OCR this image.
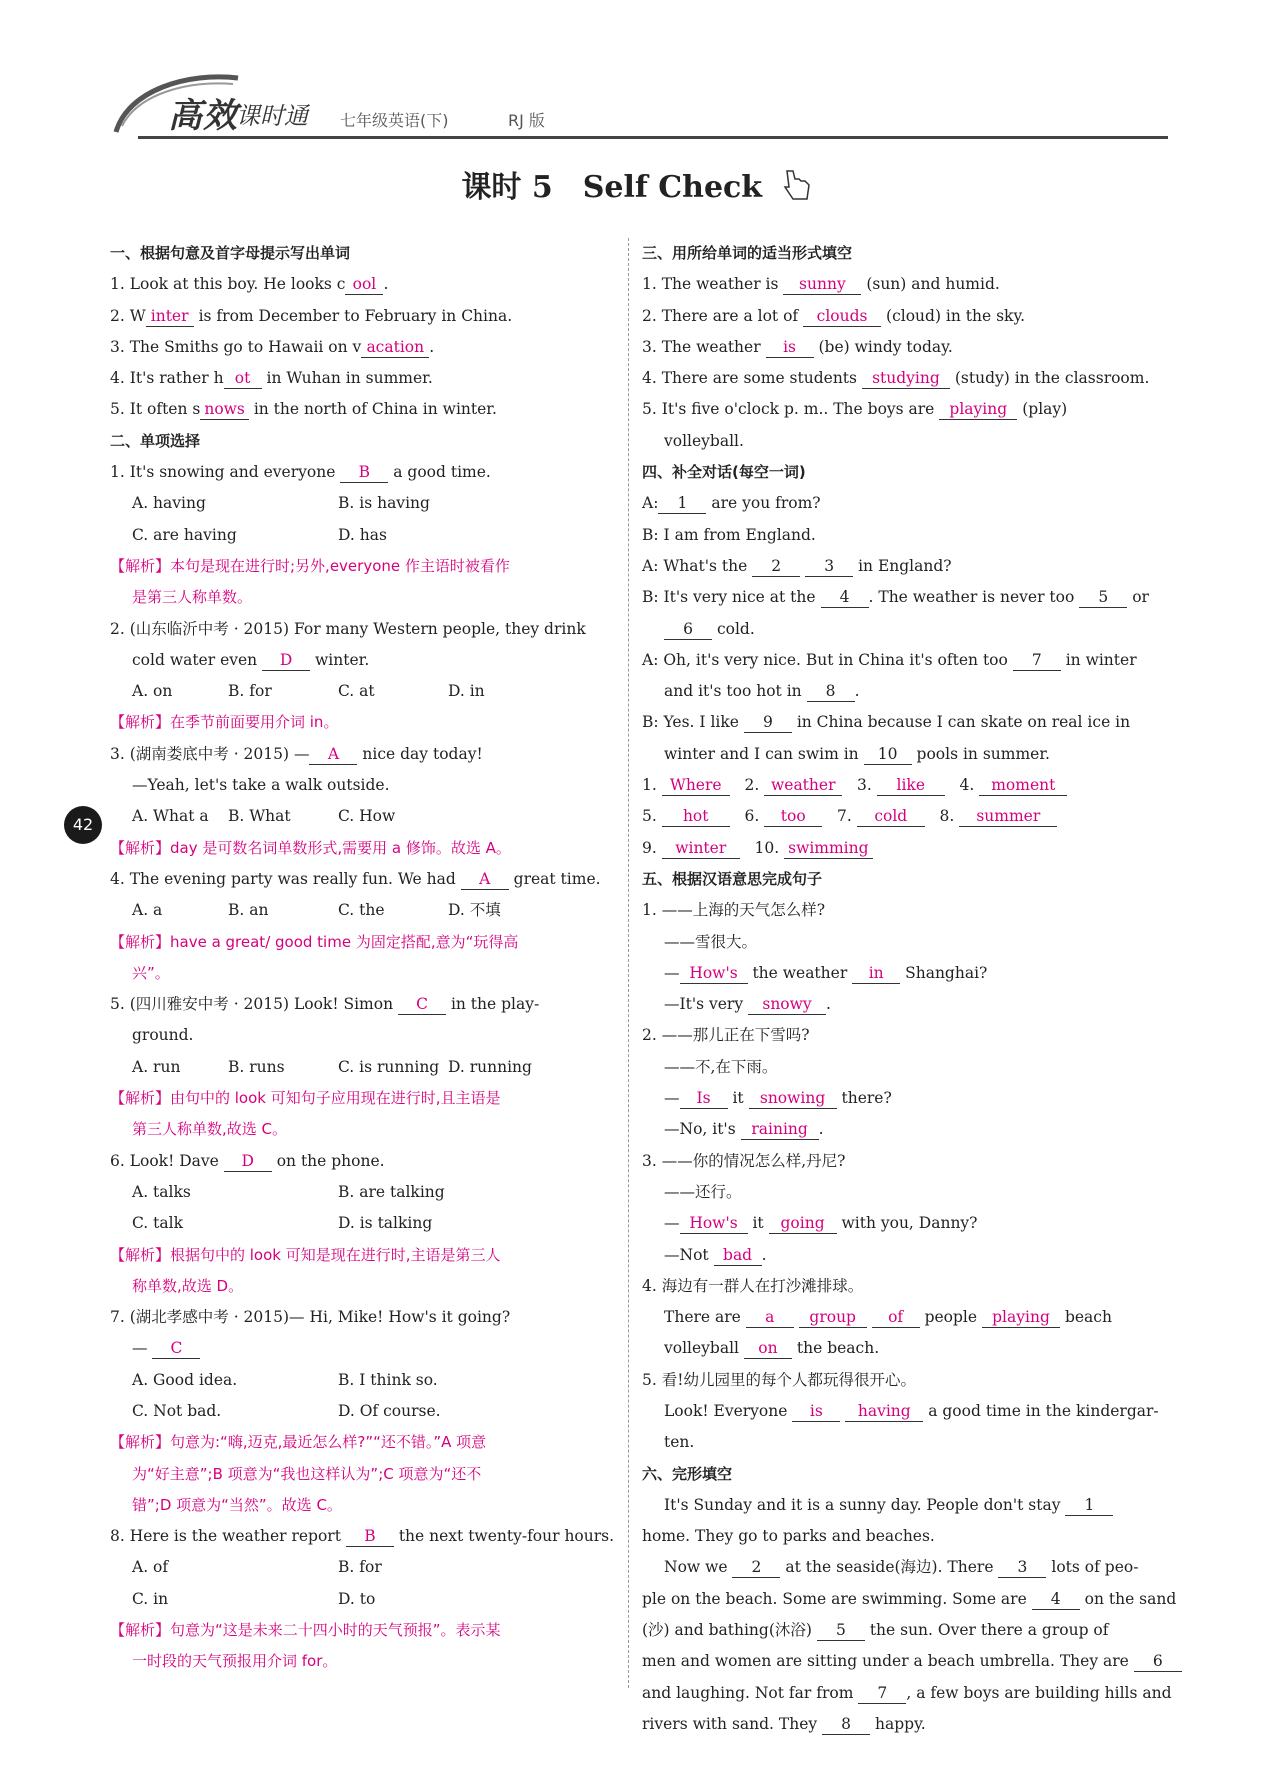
高效
课时通 七年级英语(下)	RJ 版
课时 5　Self Check
42
一、根据句意及首字母提示写出单词
1. Look at this boy. He looks c ool .
2. W inter is from December to February in China.
3. The Smiths go to Hawaii on v acation .
4. It's rather h ot in Wuhan in summer.
5. It often s nows in the north of China in winter.
二、单项选择
1. It's snowing and everyone B a good time.
A. having	B. is having
C. are having	D. has
【解析】本句是现在进行时;另外,everyone 作主语时被看作
是第三人称单数。
2. (山东临沂中考 · 2015) For many Western people, they drink
cold water even D winter.
A. on	B. for	C. at	D. in
【解析】在季节前面要用介词 in。
3. (湖南娄底中考 · 2015) — A nice day today!
—Yeah, let's take a walk outside.
A. What a B. What	C. How
【解析】day 是可数名词单数形式,需要用 a 修饰。故选 A。
4. The evening party was really fun. We had A great time.
A. a	B. an	C. the	D. 不填
【解析】have a great/ good time 为固定搭配,意为“玩得高
兴”。
5. (四川雅安中考 · 2015) Look! Simon C in the play-
ground.
A. run	B. runs	C. is running D. running
【解析】由句中的 look 可知句子应用现在进行时,且主语是
第三人称单数,故选 C。
6. Look! Dave D on the phone.
A. talks	B. are talking
C. talk	D. is talking
【解析】根据句中的 look 可知是现在进行时,主语是第三人
称单数,故选 D。
7. (湖北孝感中考 · 2015)— Hi, Mike! How's it going?
— C
A. Good idea.	B. I think so.
C. Not bad.	D. Of course.
【解析】句意为:“嗨,迈克,最近怎么样?”“还不错。”A 项意
为“好主意”;B 项意为“我也这样认为”;C 项意为“还不
错”;D 项意为“当然”。故选 C。
8. Here is the weather report B the next twenty-four hours.
A. of	B. for
C. in	D. to
【解析】句意为“这是未来二十四小时的天气预报”。表示某
一时段的天气预报用介词 for。
三、用所给单词的适当形式填空
1. The weather is sunny (sun) and humid.
2. There are a lot of clouds (cloud) in the sky.
3. The weather is (be) windy today.
4. There are some students studying (study) in the classroom.
5. It's five o'clock p. m.. The boys are playing (play)
volleyball.
四、补全对话(每空一词)
A: 1 are you from?
B: I am from England.
A: What's the 2	3 in England?
B: It's very nice at the 4 . The weather is never too 5 or
6 cold.
A: Oh, it's very nice. But in China it's often too 7 in winter
and it's too hot in 8 .
B: Yes. I like 9 in China because I can skate on real ice in
winter and I can swim in 10 pools in summer.
1. Where 2. weather 3. like 4. moment
5. hot 6. too 7. cold 8. summer
9. winter 10. swimming
五、根据汉语意思完成句子
1. ——上海的天气怎么样?
——雪很大。
— How's the weather in Shanghai?
—It's very snowy .
2. ——那儿正在下雪吗?
——不,在下雨。
— Is it snowing there?
—No, it's raining .
3. ——你的情况怎么样,丹尼?
——还行。
— How's it going with you, Danny?
—Not bad .
4. 海边有一群人在打沙滩排球。
There are a group of people playing beach
volleyball on the beach.
5. 看!幼儿园里的每个人都玩得很开心。
Look! Everyone is having a good time in the kindergar-
ten.
六、完形填空
It's Sunday and it is a sunny day. People don't stay 1
home. They go to parks and beaches.
Now we 2 at the seaside(海边). There 3 lots of peo-
ple on the beach. Some are swimming. Some are 4 on the sand
(沙) and bathing(沐浴) 5 the sun. Over there a group of
men and women are sitting under a beach umbrella. They are 6
and laughing. Not far from 7 , a few boys are building hills and
rivers with sand. They 8 happy.
